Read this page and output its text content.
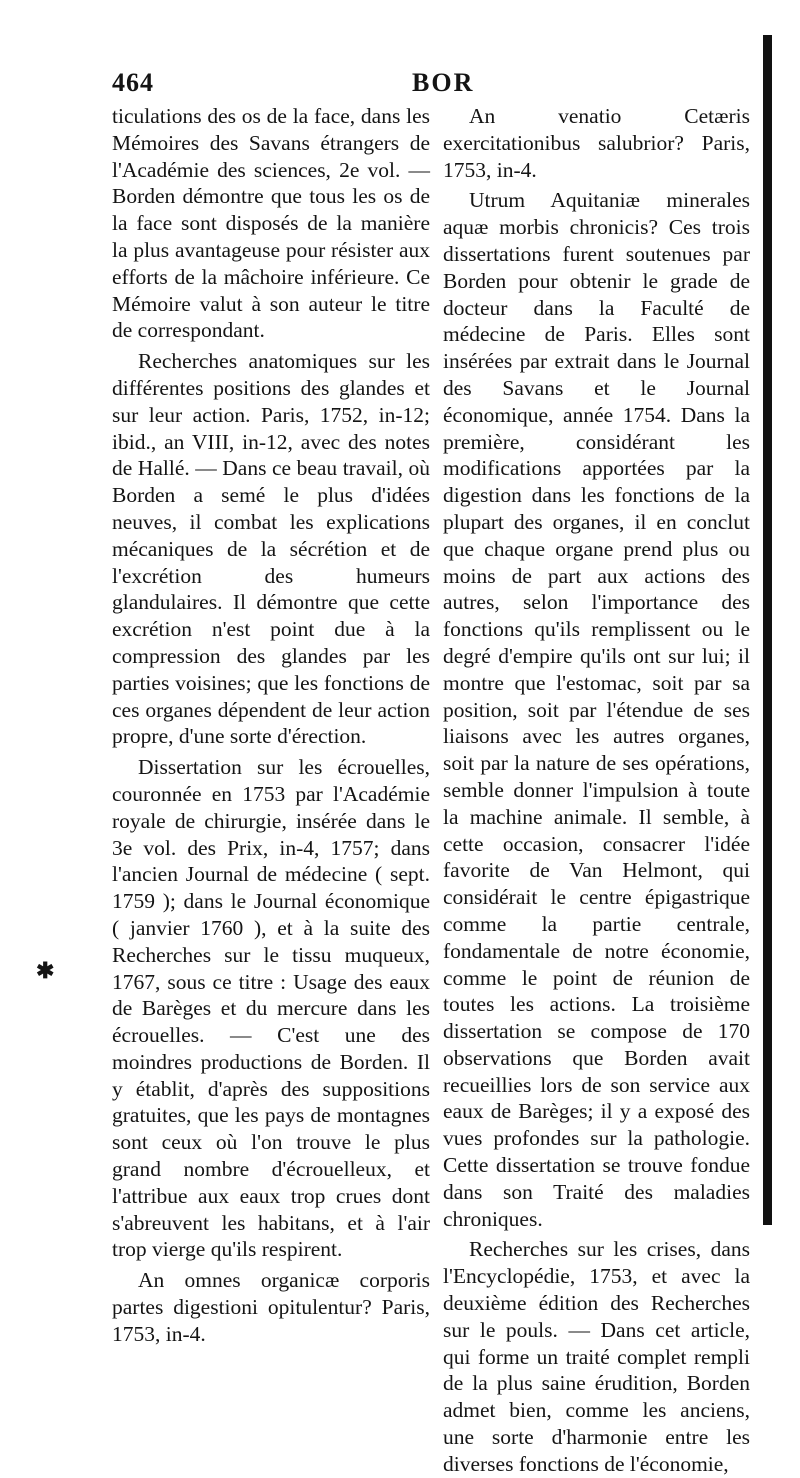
464	BOR
✱

ticulations des os de la face, dans les Mémoires des Savans étrangers de l'Académie des sciences, 2e vol. — Borden démontre que tous les os de la face sont disposés de la manière la plus avantageuse pour résister aux efforts de la mâchoire inférieure. Ce Mémoire valut à son auteur le titre de correspondant.

Recherches anatomiques sur les différentes positions des glandes et sur leur action. Paris, 1752, in-12; ibid., an VIII, in-12, avec des notes de Hallé. — Dans ce beau travail, où Borden a semé le plus d'idées neuves, il combat les explications mécaniques de la sécrétion et de l'excrétion des humeurs glandulaires. Il démontre que cette excrétion n'est point due à la compression des glandes par les parties voisines; que les fonctions de ces organes dépendent de leur action propre, d'une sorte d'érection.

Dissertation sur les écrouelles, couronnée en 1753 par l'Académie royale de chirurgie, insérée dans le 3e vol. des Prix, in-4, 1757; dans l'ancien Journal de médecine ( sept. 1759 ); dans le Journal économique ( janvier 1760 ), et à la suite des Recherches sur le tissu muqueux, 1767, sous ce titre : Usage des eaux de Barèges et du mercure dans les écrouelles. — C'est une des moindres productions de Borden. Il y établit, d'après des suppositions gratuites, que les pays de montagnes sont ceux où l'on trouve le plus grand nombre d'écrouelleux, et l'attribue aux eaux trop crues dont s'abreuvent les habitans, et à l'air trop vierge qu'ils respirent.

An omnes organicæ corporis partes digestioni opitulentur? Paris, 1753, in-4.

An venatio Cetæris exercitationibus salubrior? Paris, 1753, in-4.

Utrum Aquitaniæ minerales aquæ morbis chronicis? Ces trois dissertations furent soutenues par Borden pour obtenir le grade de docteur dans la Faculté de médecine de Paris. Elles sont insérées par extrait dans le Journal des Savans et le Journal économique, année 1754. Dans la première, considérant les modifications apportées par la digestion dans les fonctions de la plupart des organes, il en conclut que chaque organe prend plus ou moins de part aux actions des autres, selon l'importance des fonctions qu'ils remplissent ou le degré d'empire qu'ils ont sur lui; il montre que l'estomac, soit par sa position, soit par l'étendue de ses liaisons avec les autres organes, soit par la nature de ses opérations, semble donner l'impulsion à toute la machine animale. Il semble, à cette occasion, consacrer l'idée favorite de Van Helmont, qui considérait le centre épigastrique comme la partie centrale, fondamentale de notre économie, comme le point de réunion de toutes les actions. La troisième dissertation se compose de 170 observations que Borden avait recueillies lors de son service aux eaux de Barèges; il y a exposé des vues profondes sur la pathologie. Cette dissertation se trouve fondue dans son Traité des maladies chroniques.

Recherches sur les crises, dans l'Encyclopédie, 1753, et avec la deuxième édition des Recherches sur le pouls. — Dans cet article, qui forme un traité complet rempli de la plus saine érudition, Borden admet bien, comme les anciens, une sorte d'harmonie entre les diverses fonctions de l'économie,
